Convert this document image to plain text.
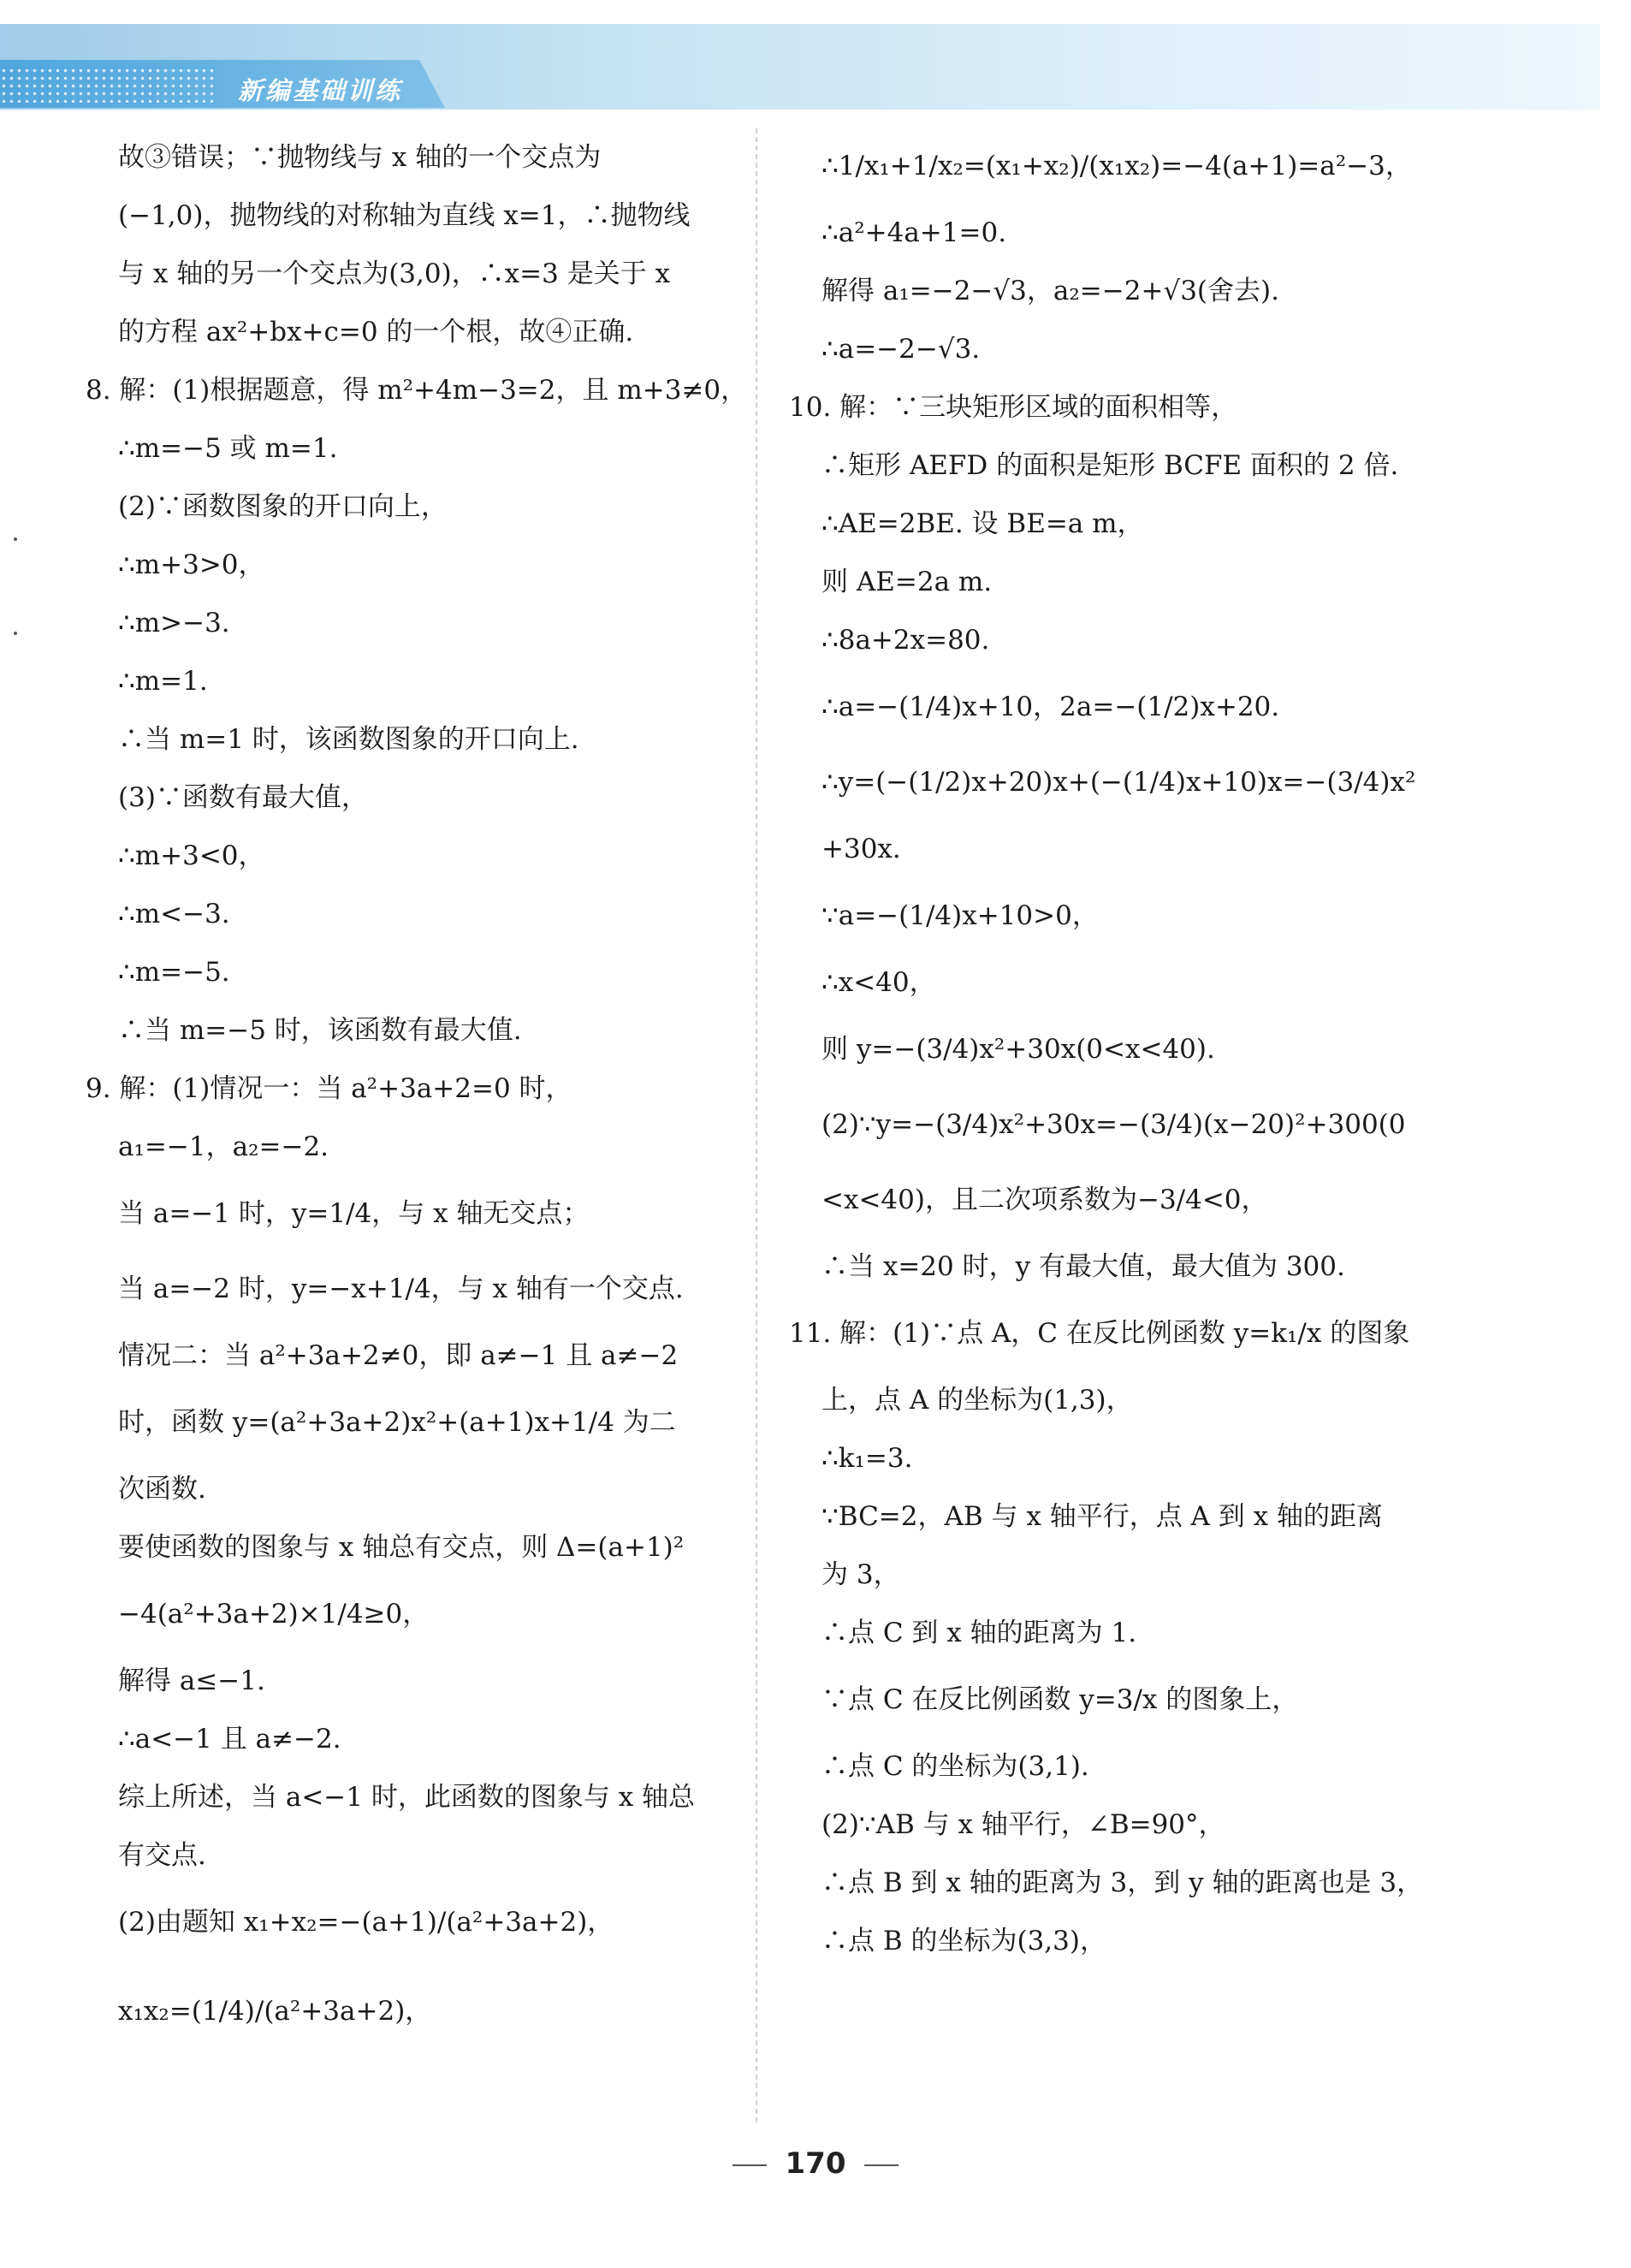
新编基础训练
故③错误；∵抛物线与 x 轴的一个交点为
(−1,0)，抛物线的对称轴为直线 x=1，∴抛物线
与 x 轴的另一个交点为(3,0)，∴x=3 是关于 x
的方程 ax²+bx+c=0 的一个根，故④正确.
8. 解：(1)根据题意，得 m²+4m−3=2，且 m+3≠0，
∴m=−5 或 m=1.
(2)∵函数图象的开口向上，
∴m+3>0，
∴m>−3.
∴m=1.
∴当 m=1 时，该函数图象的开口向上.
(3)∵函数有最大值，
∴m+3<0，
∴m<−3.
∴m=−5.
∴当 m=−5 时，该函数有最大值.
9. 解：(1)情况一：当 a²+3a+2=0 时，
a₁=−1，a₂=−2.
当 a=−1 时，y=1/4，与 x 轴无交点；
当 a=−2 时，y=−x+1/4，与 x 轴有一个交点.
情况二：当 a²+3a+2≠0，即 a≠−1 且 a≠−2
时，函数 y=(a²+3a+2)x²+(a+1)x+1/4 为二
次函数.
要使函数的图象与 x 轴总有交点，则 Δ=(a+1)²
−4(a²+3a+2)×1/4≥0，
解得 a≤−1.
∴a<−1 且 a≠−2.
综上所述，当 a<−1 时，此函数的图象与 x 轴总
有交点.
(2)由题知 x₁+x₂=−(a+1)/(a²+3a+2)，
x₁x₂=(1/4)/(a²+3a+2)，
∴1/x₁+1/x₂=(x₁+x₂)/(x₁x₂)=−4(a+1)=a²−3，
∴a²+4a+1=0.
解得 a₁=−2−√3，a₂=−2+√3(舍去).
∴a=−2−√3.
10. 解：∵三块矩形区域的面积相等，
∴矩形 AEFD 的面积是矩形 BCFE 面积的 2 倍.
∴AE=2BE. 设 BE=a m，
则 AE=2a m.
∴8a+2x=80.
∴a=−(1/4)x+10，2a=−(1/2)x+20.
∴y=(−(1/2)x+20)x+(−(1/4)x+10)x=−(3/4)x²
+30x.
∵a=−(1/4)x+10>0，
∴x<40，
则 y=−(3/4)x²+30x(0<x<40).
(2)∵y=−(3/4)x²+30x=−(3/4)(x−20)²+300(0
<x<40)，且二次项系数为−3/4<0，
∴当 x=20 时，y 有最大值，最大值为 300.
11. 解：(1)∵点 A，C 在反比例函数 y=k₁/x 的图象
上，点 A 的坐标为(1,3)，
∴k₁=3.
∵BC=2，AB 与 x 轴平行，点 A 到 x 轴的距离
为 3，
∴点 C 到 x 轴的距离为 1.
∵点 C 在反比例函数 y=3/x 的图象上，
∴点 C 的坐标为(3,1).
(2)∵AB 与 x 轴平行，∠B=90°，
∴点 B 到 x 轴的距离为 3，到 y 轴的距离也是 3，
∴点 B 的坐标为(3,3)，
170
